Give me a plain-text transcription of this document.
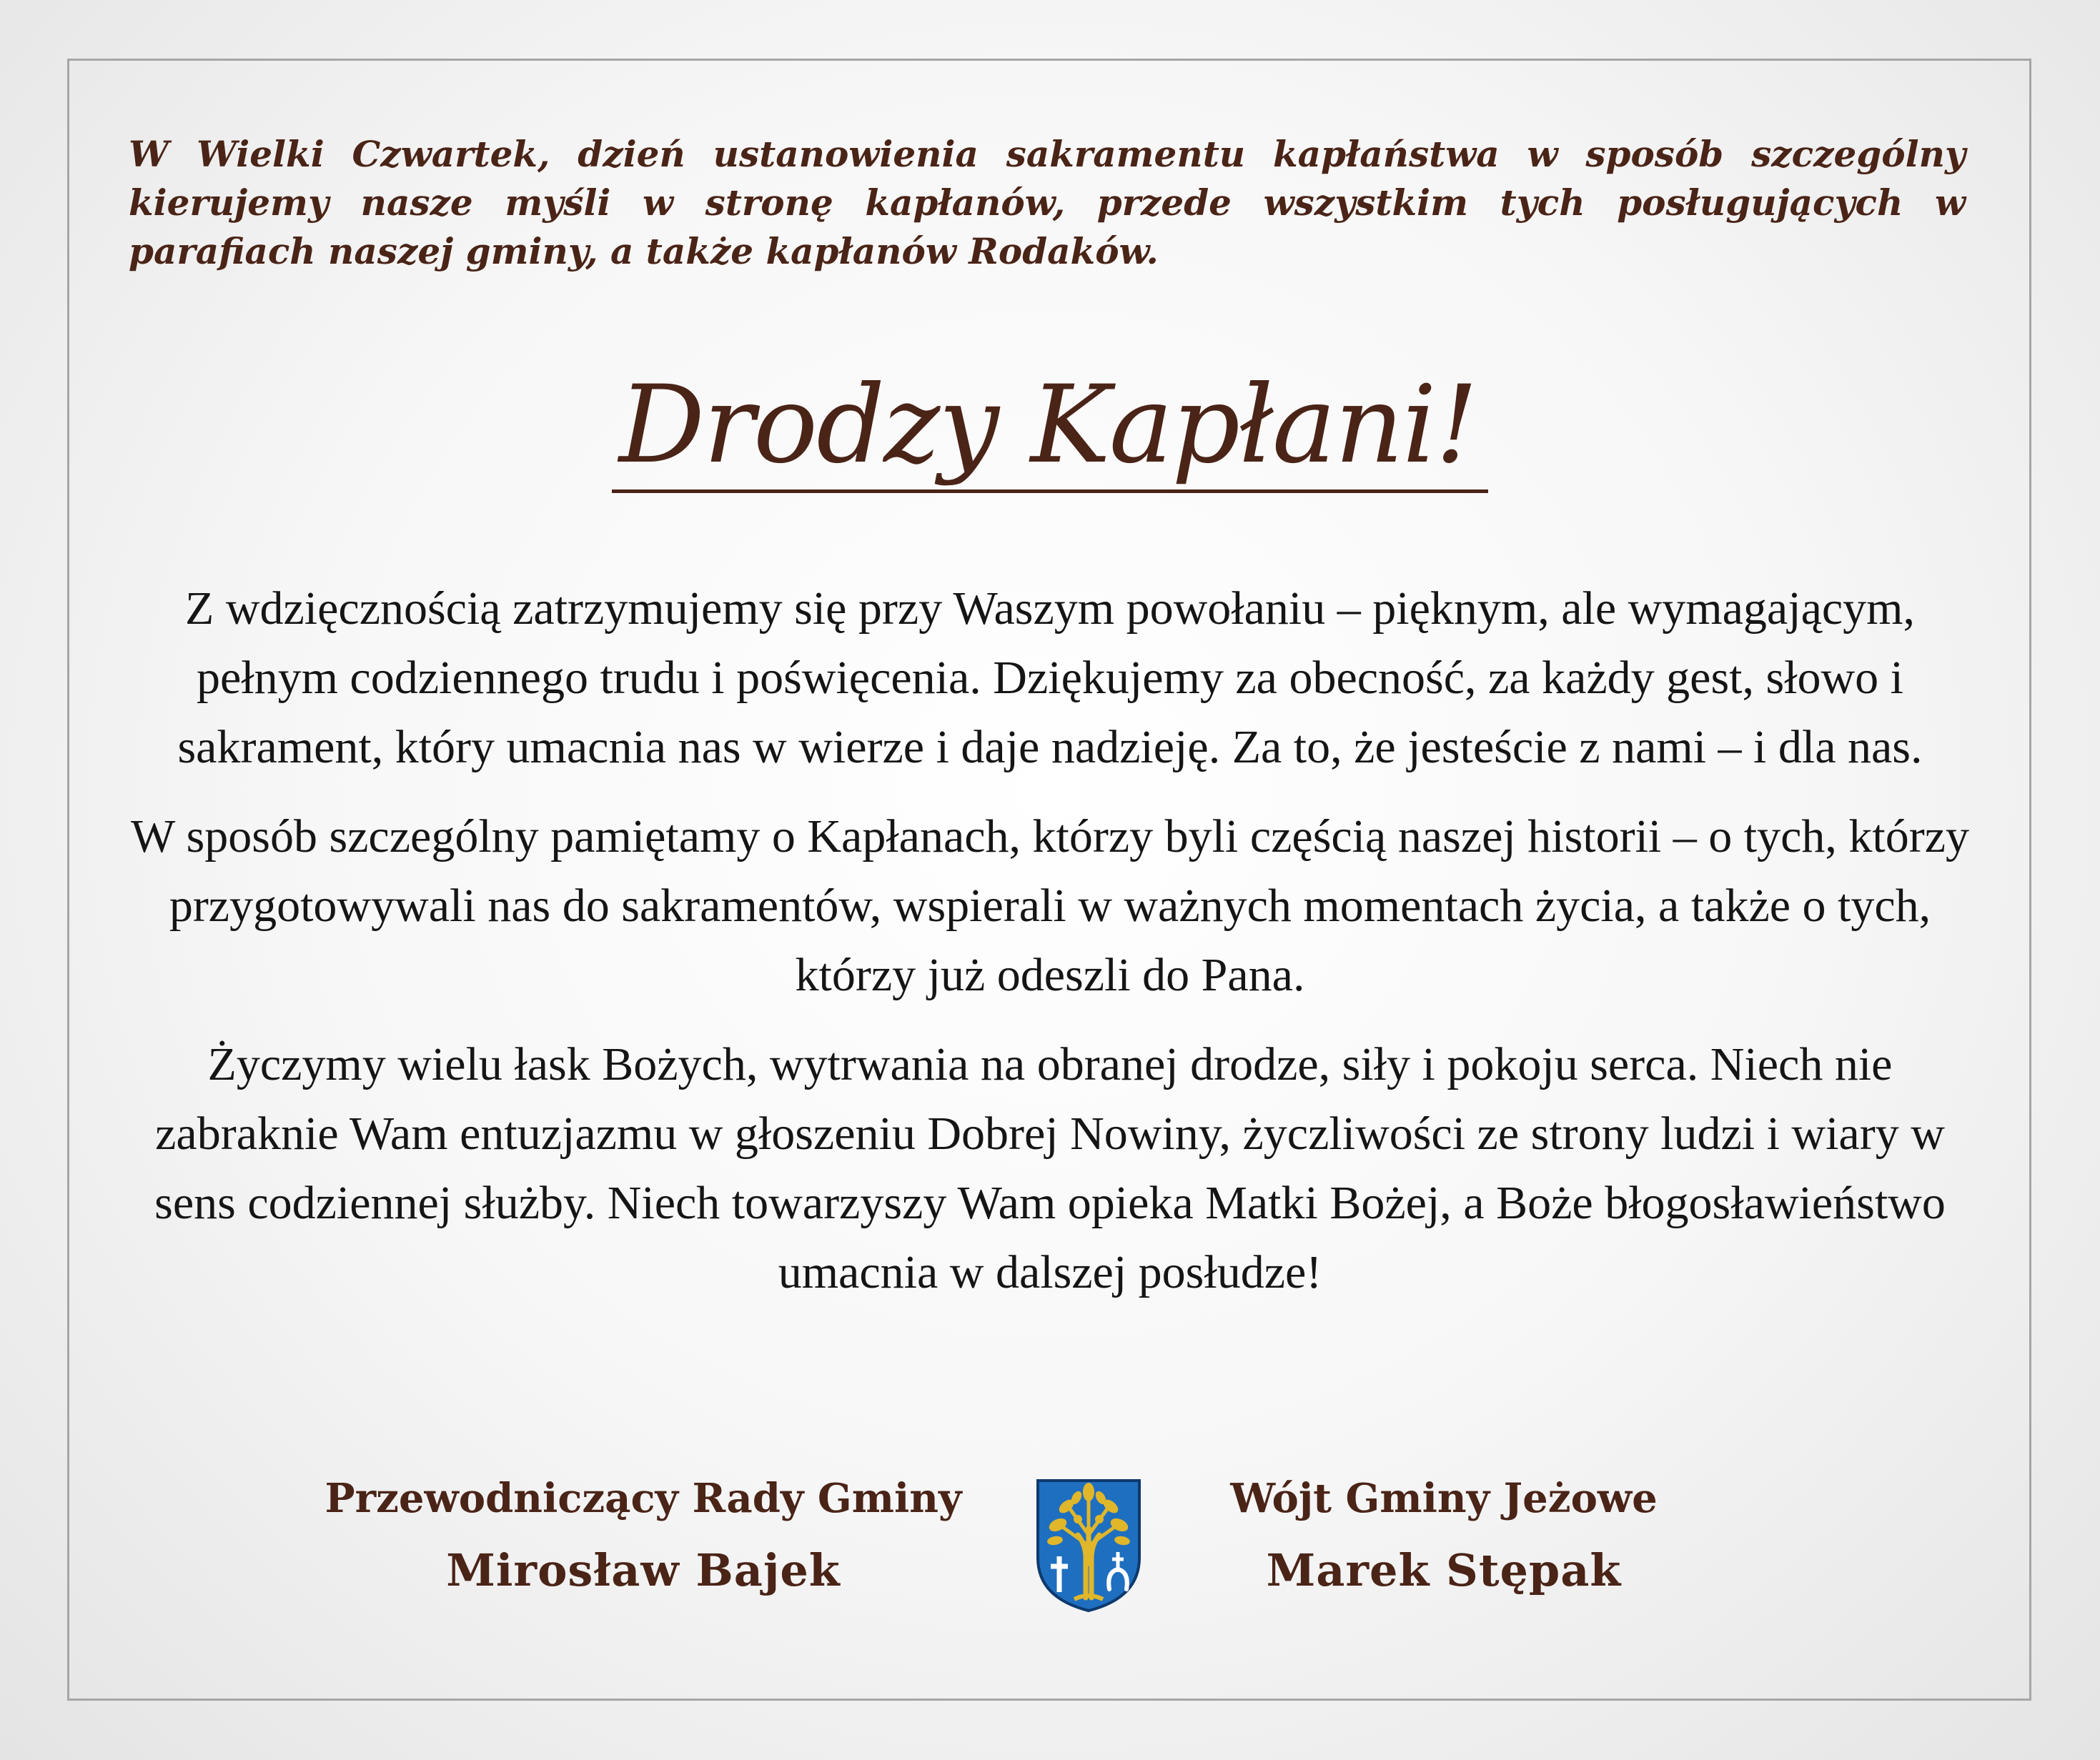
W Wielki Czwartek, dzień ustanowienia sakramentu kapłaństwa w sposób szczególny kierujemy nasze myśli w stronę kapłanów, przede wszystkim tych posługujących w parafiach naszej gminy, a także kapłanów Rodaków.

Drodzy Kapłani!

Z wdzięcznością zatrzymujemy się przy Waszym powołaniu – pięknym, ale wymagającym, pełnym codziennego trudu i poświęcenia. Dziękujemy za obecność, za każdy gest, słowo i sakrament, który umacnia nas w wierze i daje nadzieję. Za to, że jesteście z nami – i dla nas.

W sposób szczególny pamiętamy o Kapłanach, którzy byli częścią naszej historii – o tych, którzy przygotowywali nas do sakramentów, wspierali w ważnych momentach życia, a także o tych, którzy już odeszli do Pana.

Życzymy wielu łask Bożych, wytrwania na obranej drodze, siły i pokoju serca. Niech nie zabraknie Wam entuzjazmu w głoszeniu Dobrej Nowiny, życzliwości ze strony ludzi i wiary w sens codziennej służby. Niech towarzyszy Wam opieka Matki Bożej, a Boże błogosławieństwo umacnia w dalszej posłudze!

Przewodniczący Rady Gminy
Mirosław Bajek
Wójt Gminy Jeżowe
Marek Stępak
